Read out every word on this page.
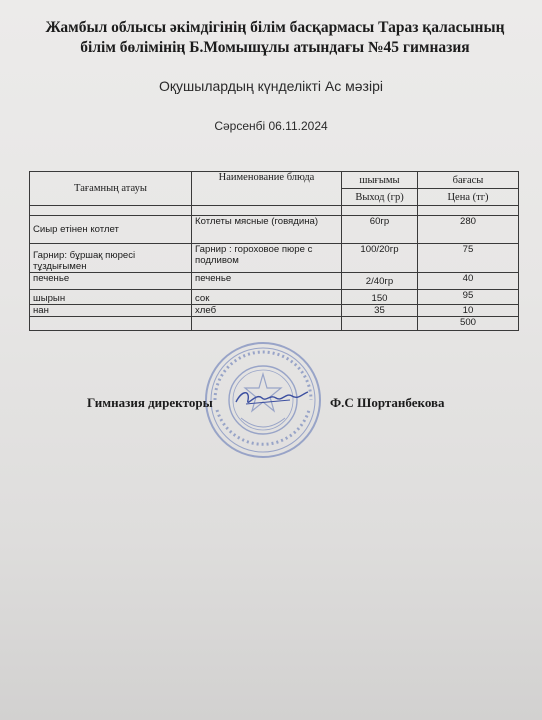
Жамбыл облысы әкімдігінің білім басқармасы Тараз қаласының
білім бөлімінің Б.Момышұлы атындағы №45 гимназия
Оқушылардың күнделікті Ас мәзірі
Сәрсенбі 06.11.2024
Тағамның атауы	Наименование блюда	шығымы	бағасы
		Выход (гр)	Цена (тг)

Сиыр етінен котлет	Котлеты мясные (говядина)	60гр	280
Гарнир: бұршақ пюресі тұздығымен	Гарнир : гороховое пюре с подливом	100/20гр	75
печенье	печенье	2/40гр	40
шырын	сок	150	95
нан	хлеб	35	10
			500
Гимназия директоры	Ф.С Шортанбекова
